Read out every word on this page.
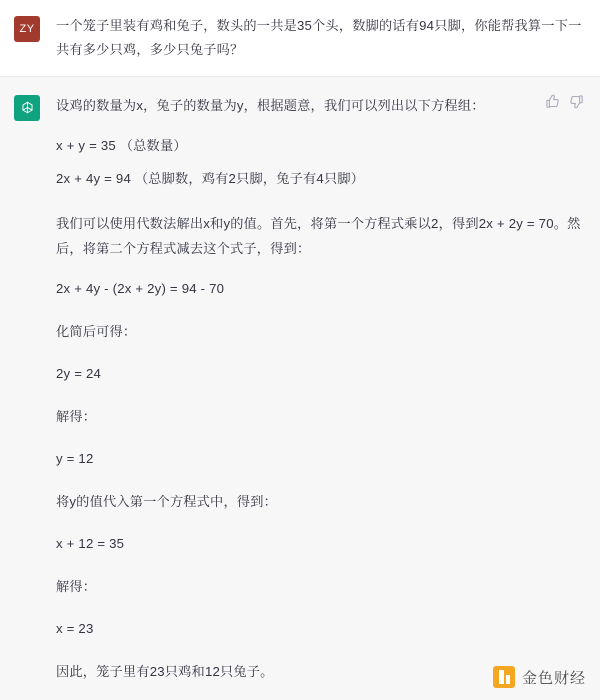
ZY 一个笼子里装有鸡和兔子，数头的一共是35个头，数脚的话有94只脚，你能帮我算一下一共有多少只鸡，多少只兔子吗？

设鸡的数量为x，兔子的数量为y，根据题意，我们可以列出以下方程组：

x + y = 35 （总数量）

2x + 4y = 94 （总脚数，鸡有2只脚，兔子有4只脚）

我们可以使用代数法解出x和y的值。首先，将第一个方程式乘以2，得到2x + 2y = 70。然后，将第二个方程式减去这个式子，得到：

2x + 4y - (2x + 2y) = 94 - 70

化简后可得：

2y = 24

解得：

y = 12

将y的值代入第一个方程式中，得到：

x + 12 = 35

解得：

x = 23

因此，笼子里有23只鸡和12只兔子。	金色财经
